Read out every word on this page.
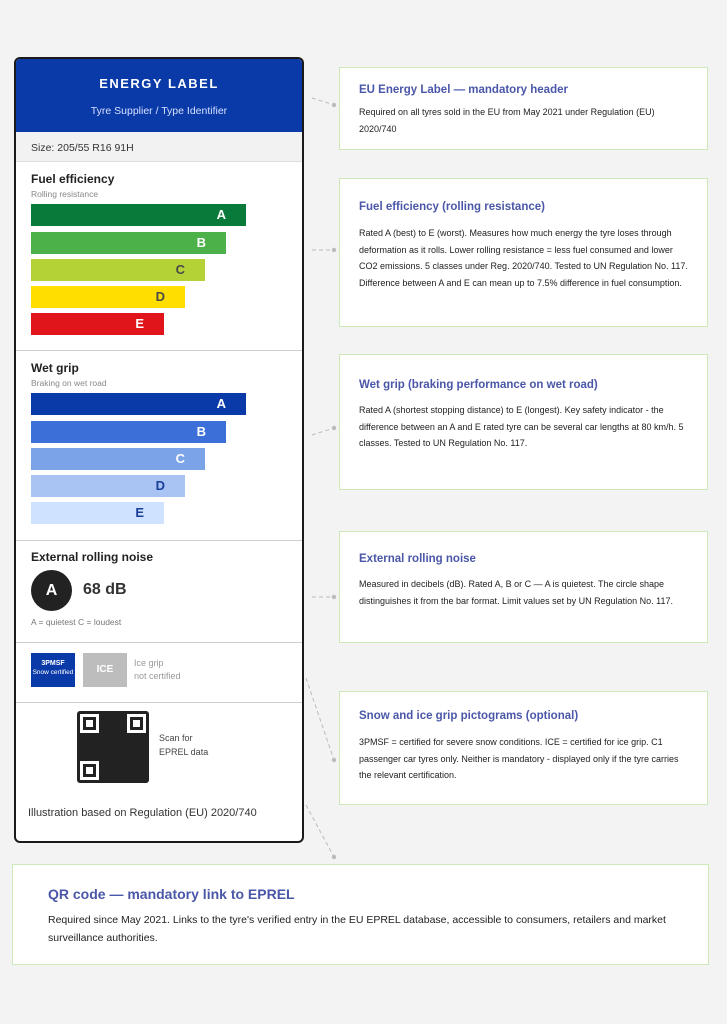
ENERGY LABEL
Tyre Supplier / Type Identifier
Size: 205/55 R16 91H
Fuel efficiency
Rolling resistance
A
B
C
D
E
Wet grip
Braking on wet road
A
B
C
D
E
External rolling noise
A	68 dB
A = quietest C = loudest
3PMSF
Snow certified	ICE
Ice grip
not certified
Scan for
EPREL data
Illustration based on Regulation (EU) 2020/740
EU Energy Label — mandatory header
Required on all tyres sold in the EU from May 2021 under Regulation (EU) 2020/740
Fuel efficiency (rolling resistance)
Rated A (best) to E (worst). Measures how much energy the tyre loses through deformation as it rolls. Lower rolling resistance = less fuel consumed and lower CO2 emissions. 5 classes under Reg. 2020/740. Tested to UN Regulation No. 117. Difference between A and E can mean up to 7.5% difference in fuel consumption.
Wet grip (braking performance on wet road)
Rated A (shortest stopping distance) to E (longest). Key safety indicator - the difference between an A and E rated tyre can be several car lengths at 80 km/h. 5 classes. Tested to UN Regulation No. 117.
External rolling noise
Measured in decibels (dB). Rated A, B or C — A is quietest. The circle shape distinguishes it from the bar format. Limit values set by UN Regulation No. 117.
Snow and ice grip pictograms (optional)
3PMSF = certified for severe snow conditions. ICE = certified for ice grip. C1 passenger car tyres only. Neither is mandatory - displayed only if the tyre carries the relevant certification.
QR code — mandatory link to EPREL
Required since May 2021. Links to the tyre's verified entry in the EU EPREL database, accessible to consumers, retailers and market surveillance authorities.
